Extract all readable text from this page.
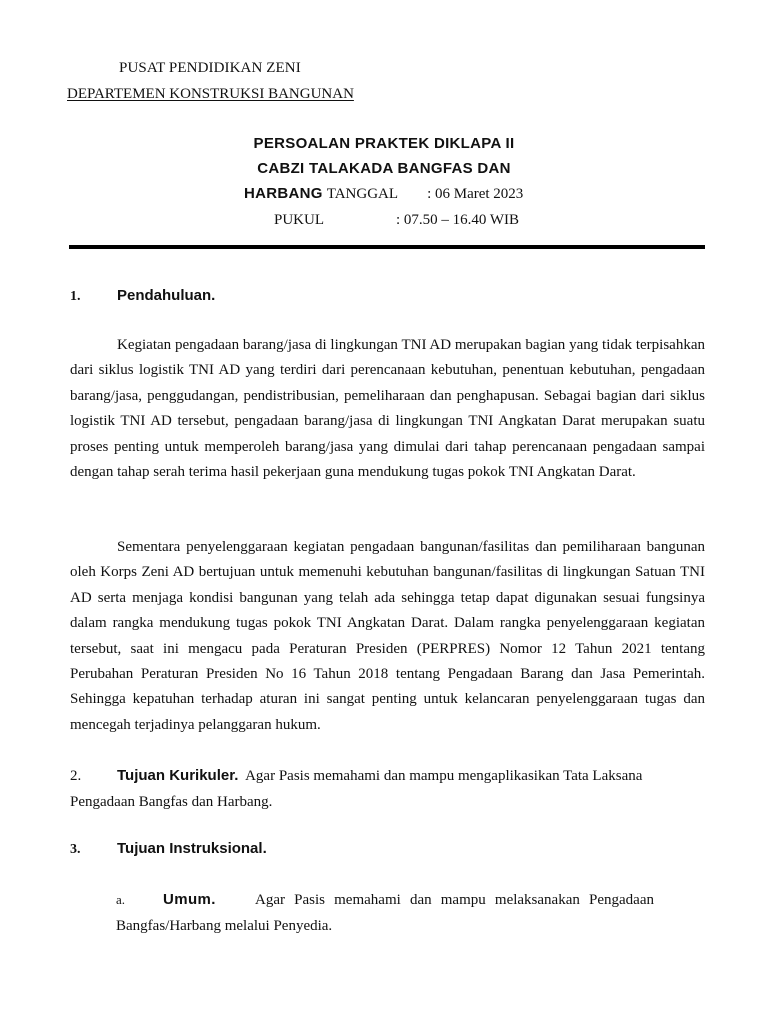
PUSAT PENDIDIKAN ZENI
DEPARTEMEN KONSTRUKSI BANGUNAN
PERSOALAN PRAKTEK DIKLAPA II
CABZI TALAKADA BANGFAS DAN
HARBANG TANGGAL : 06 Maret 2023
PUKUL	: 07.50 – 16.40 WIB
1. Pendahuluan.

Kegiatan pengadaan barang/jasa di lingkungan TNI AD merupakan bagian yang tidak terpisahkan dari siklus logistik TNI AD yang terdiri dari perencanaan kebutuhan, penentuan kebutuhan, pengadaan barang/jasa, penggudangan, pendistribusian, pemeliharaan dan penghapusan. Sebagai bagian dari siklus logistik TNI AD tersebut, pengadaan barang/jasa di lingkungan TNI Angkatan Darat merupakan suatu proses penting untuk memperoleh barang/jasa yang dimulai dari tahap perencanaan pengadaan sampai dengan tahap serah terima hasil pekerjaan guna mendukung tugas pokok TNI Angkatan Darat.

Sementara penyelenggaraan kegiatan pengadaan bangunan/fasilitas dan pemiliharaan bangunan oleh Korps Zeni AD bertujuan untuk memenuhi kebutuhan bangunan/fasilitas di lingkungan Satuan TNI AD serta menjaga kondisi bangunan yang telah ada sehingga tetap dapat digunakan sesuai fungsinya dalam rangka mendukung tugas pokok TNI Angkatan Darat. Dalam rangka penyelenggaraan kegiatan tersebut, saat ini mengacu pada Peraturan Presiden (PERPRES) Nomor 12 Tahun 2021 tentang Perubahan Peraturan Presiden No 16 Tahun 2018 tentang Pengadaan Barang dan Jasa Pemerintah. Sehingga kepatuhan terhadap aturan ini sangat penting untuk kelancaran penyelenggaraan tugas dan mencegah terjadinya pelanggaran hukum.

2. Tujuan Kurikuler. Agar Pasis memahami dan mampu mengaplikasikan Tata Laksana Pengadaan Bangfas dan Harbang.

3. Tujuan Instruksional.

a.	Umum.	Agar Pasis memahami dan mampu melaksanakan Pengadaan Bangfas/Harbang melalui Penyedia.
